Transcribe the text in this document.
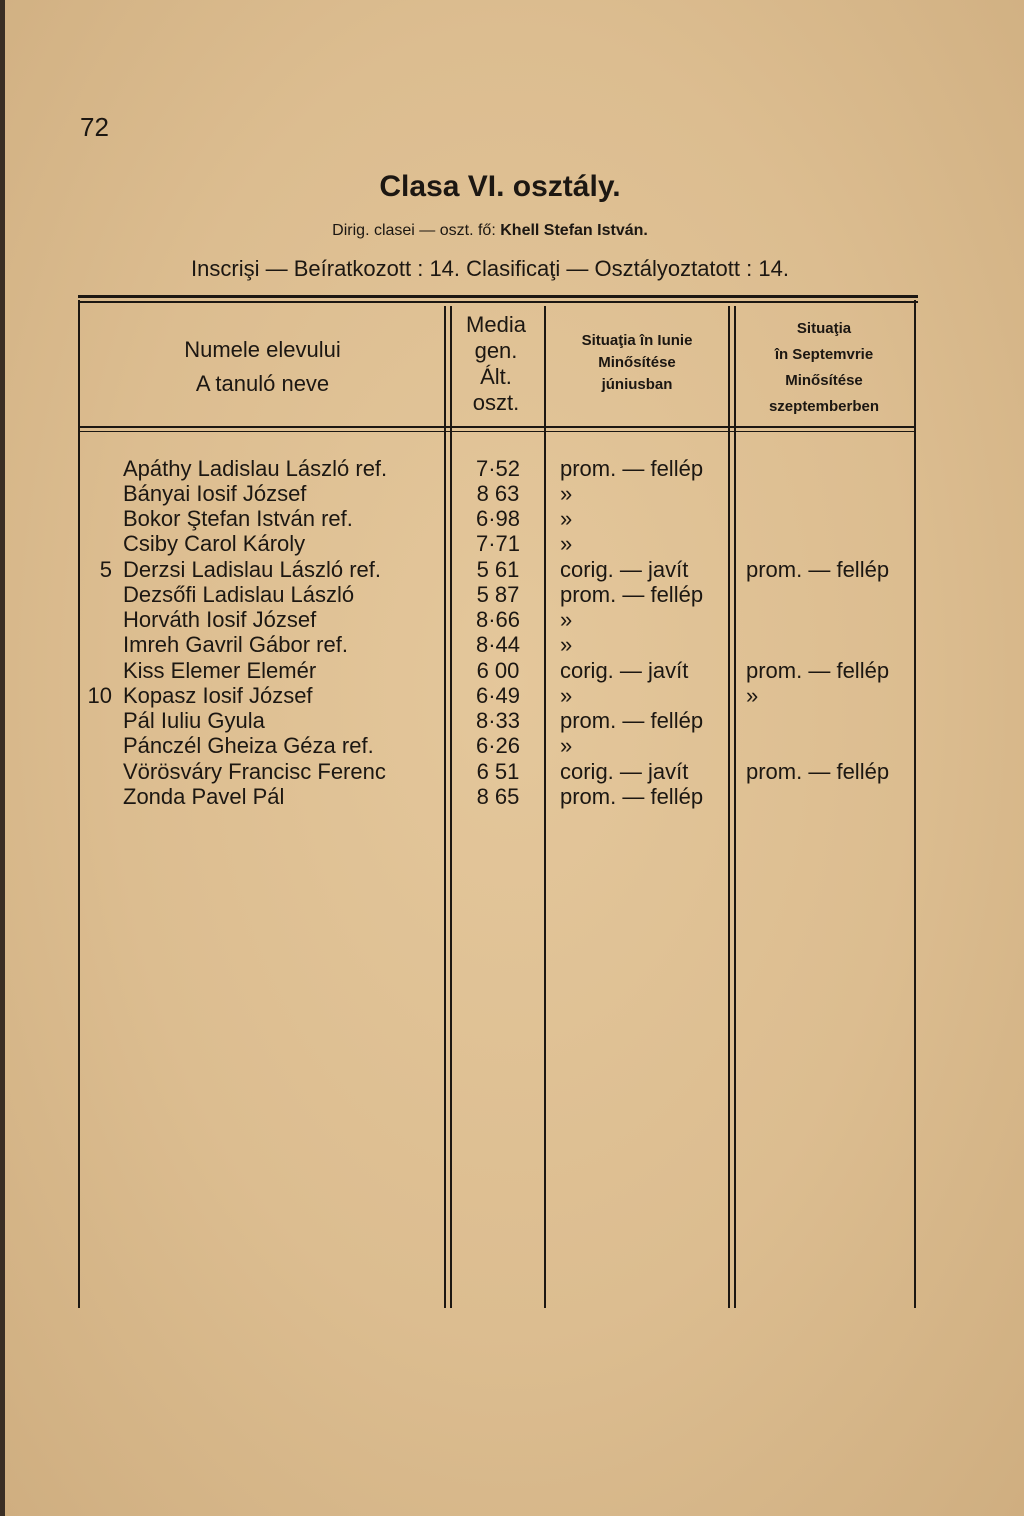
72
Clasa VI. osztály.
Dirig. clasei — oszt. fő: Khell Stefan István.
Inscrişi — Beíratkozott : 14. Clasificaţi — Osztályoztatott : 14.
Numele elevului
A tanuló neve
Media
gen.
Ált.
oszt.
Situaţia în Iunie
Minősítése
júniusban
Situaţia
în Septemvrie
Minősítése
szeptemberben
Apáthy Ladislau László ref.	7·52	prom. — fellép
Bányai Iosif József	8 63	»
Bokor Ştefan István ref.	6·98	»
Csiby Carol Károly	7·71	»
5 Derzsi Ladislau László ref.	5 61	corig. — javít	prom. — fellép
Dezsőfi Ladislau László	5 87	prom. — fellép
Horváth Iosif József	8·66	»
Imreh Gavril Gábor ref.	8·44	»
Kiss Elemer Elemér	6 00	corig. — javít	prom. — fellép
10 Kopasz Iosif József	6·49	»	»
Pál Iuliu Gyula	8·33	prom. — fellép
Pánczél Gheiza Géza ref.	6·26	»
Vörösváry Francisc Ferenc	6 51	corig. — javít	prom. — fellép
Zonda Pavel Pál	8 65	prom. — fellép
